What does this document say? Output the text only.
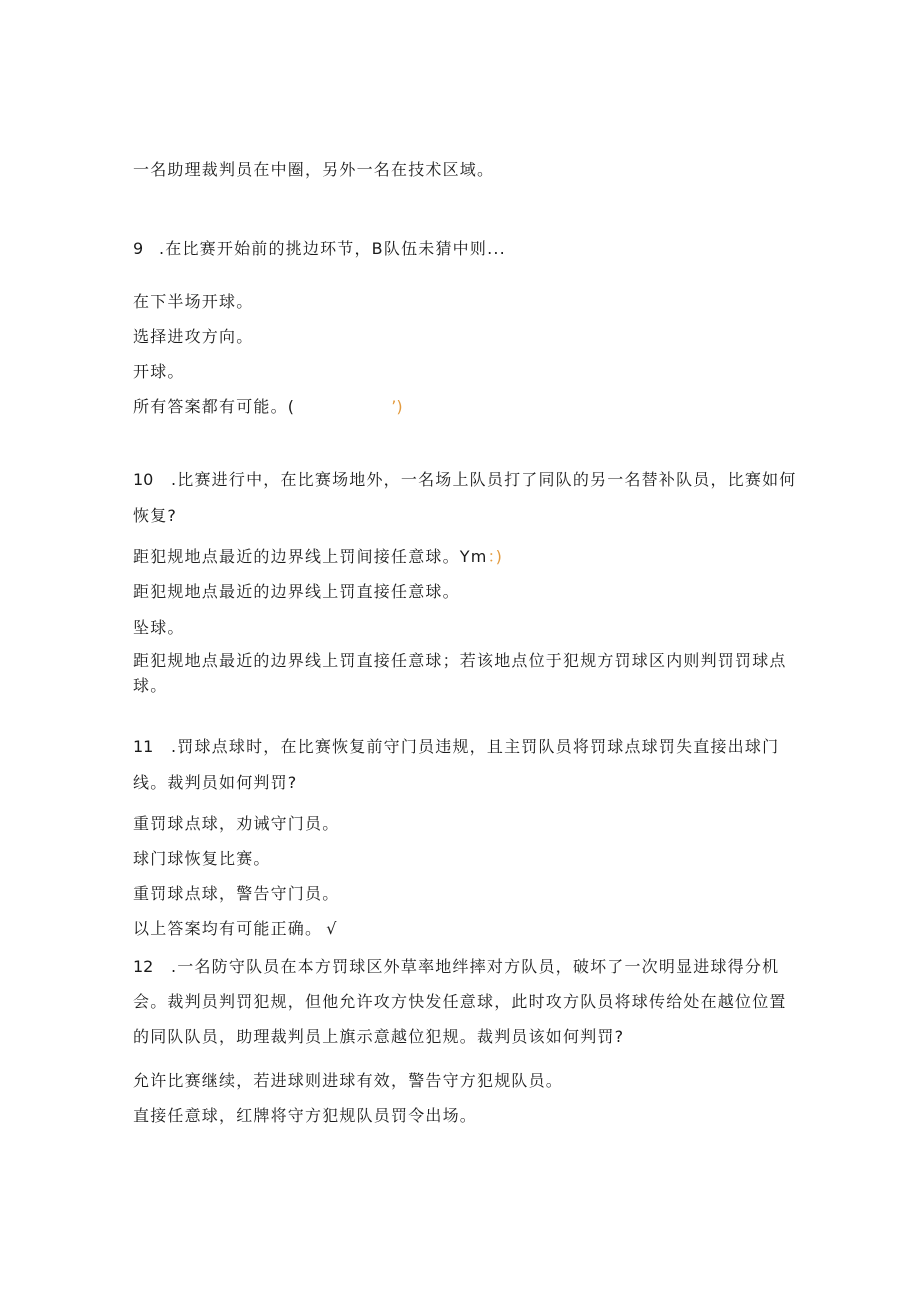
一名助理裁判员在中圈，另外一名在技术区域。
9 .在比赛开始前的挑边环节，B队伍未猜中则...
在下半场开球。
选择进攻方向。
开球。
所有答案都有可能。(	’)
10 .比赛进行中，在比赛场地外，一名场上队员打了同队的另一名替补队员，比赛如何
恢复?
距犯规地点最近的边界线上罚间接任意球。Ym：)
距犯规地点最近的边界线上罚直接任意球。
坠球。
距犯规地点最近的边界线上罚直接任意球；若该地点位于犯规方罚球区内则判罚罚球点
球。
11 .罚球点球时，在比赛恢复前守门员违规，且主罚队员将罚球点球罚失直接出球门
线。裁判员如何判罚?
重罚球点球，劝诫守门员。
球门球恢复比赛。
重罚球点球，警告守门员。
以上答案均有可能正确。 √
12 .一名防守队员在本方罚球区外草率地绊摔对方队员，破坏了一次明显进球得分机
会。裁判员判罚犯规，但他允许攻方快发任意球，此时攻方队员将球传给处在越位位置
的同队队员，助理裁判员上旗示意越位犯规。裁判员该如何判罚?
允许比赛继续，若进球则进球有效，警告守方犯规队员。
直接任意球，红牌将守方犯规队员罚令出场。
